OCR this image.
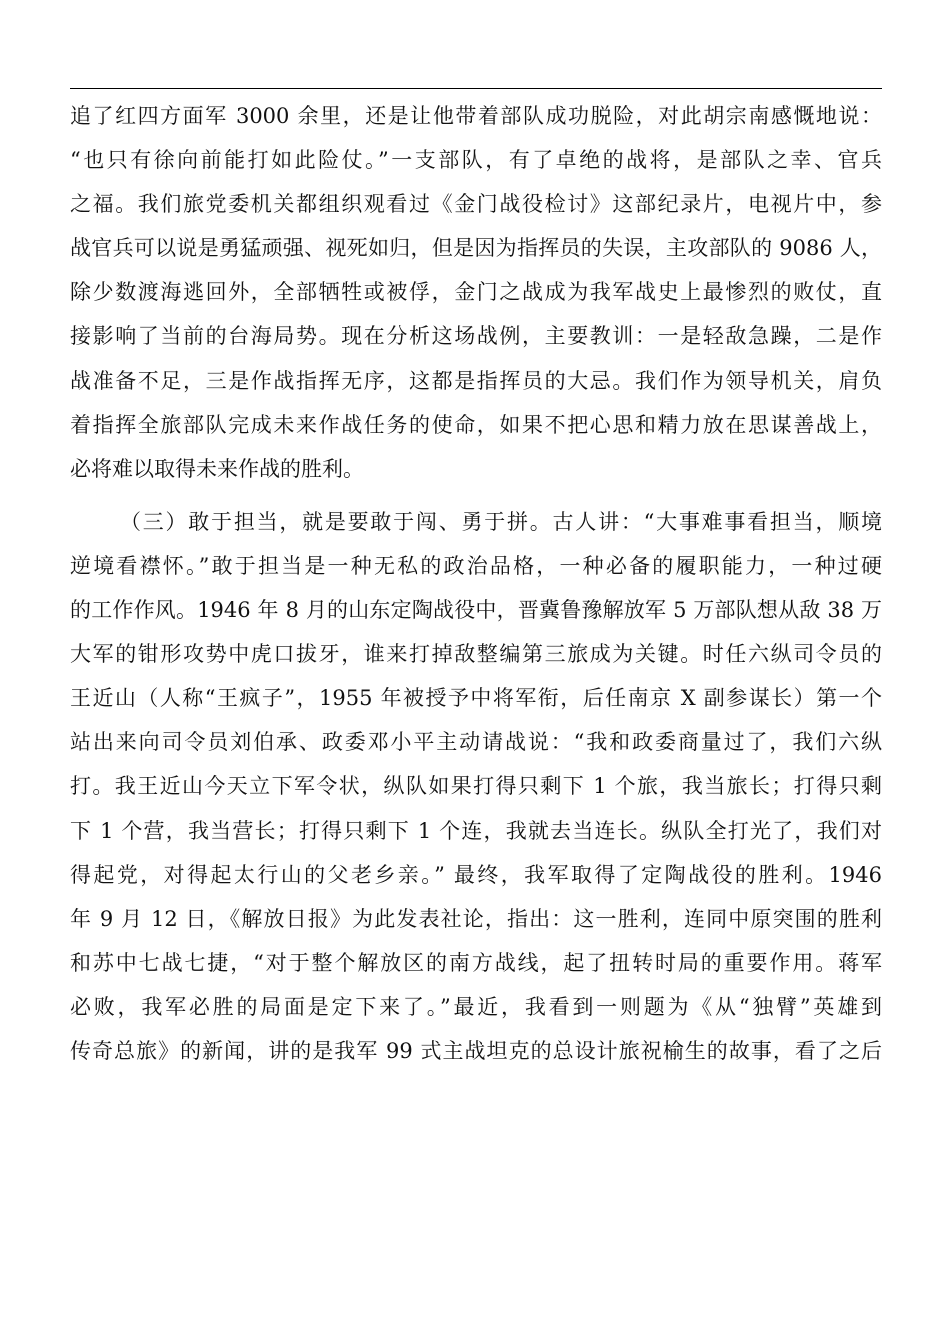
追了红四方面军 3000 余里，还是让他带着部队成功脱险，对此胡宗南感慨地说：
“也只有徐向前能打如此险仗。”一支部队，有了卓绝的战将，是部队之幸、官兵
之福。我们旅党委机关都组织观看过《金门战役检讨》这部纪录片，电视片中，参
战官兵可以说是勇猛顽强、视死如归，但是因为指挥员的失误，主攻部队的 9086 人，
除少数渡海逃回外，全部牺牲或被俘，金门之战成为我军战史上最惨烈的败仗，直
接影响了当前的台海局势。现在分析这场战例，主要教训：一是轻敌急躁，二是作
战准备不足，三是作战指挥无序，这都是指挥员的大忌。我们作为领导机关，肩负
着指挥全旅部队完成未来作战任务的使命，如果不把心思和精力放在思谋善战上，
必将难以取得未来作战的胜利。
（三）敢于担当，就是要敢于闯、勇于拼。古人讲：“大事难事看担当，顺境
逆境看襟怀。”敢于担当是一种无私的政治品格，一种必备的履职能力，一种过硬
的工作作风。1946 年 8 月的山东定陶战役中，晋冀鲁豫解放军 5 万部队想从敌 38 万
大军的钳形攻势中虎口拔牙，谁来打掉敌整编第三旅成为关键。时任六纵司令员的
王近山（人称“王疯子”，1955 年被授予中将军衔，后任南京 X 副参谋长）第一个
站出来向司令员刘伯承、政委邓小平主动请战说：“我和政委商量过了，我们六纵
打。我王近山今天立下军令状，纵队如果打得只剩下 1 个旅，我当旅长；打得只剩
下 1 个营，我当营长；打得只剩下 1 个连，我就去当连长。纵队全打光了，我们对
得起党，对得起太行山的父老乡亲。” 最终，我军取得了定陶战役的胜利。1946
年 9 月 12 日，《解放日报》为此发表社论，指出：这一胜利，连同中原突围的胜利
和苏中七战七捷，“对于整个解放区的南方战线，起了扭转时局的重要作用。蒋军
必败，我军必胜的局面是定下来了。”最近，我看到一则题为《从“独臂”英雄到
传奇总旅》的新闻，讲的是我军 99 式主战坦克的总设计旅祝榆生的故事，看了之后
